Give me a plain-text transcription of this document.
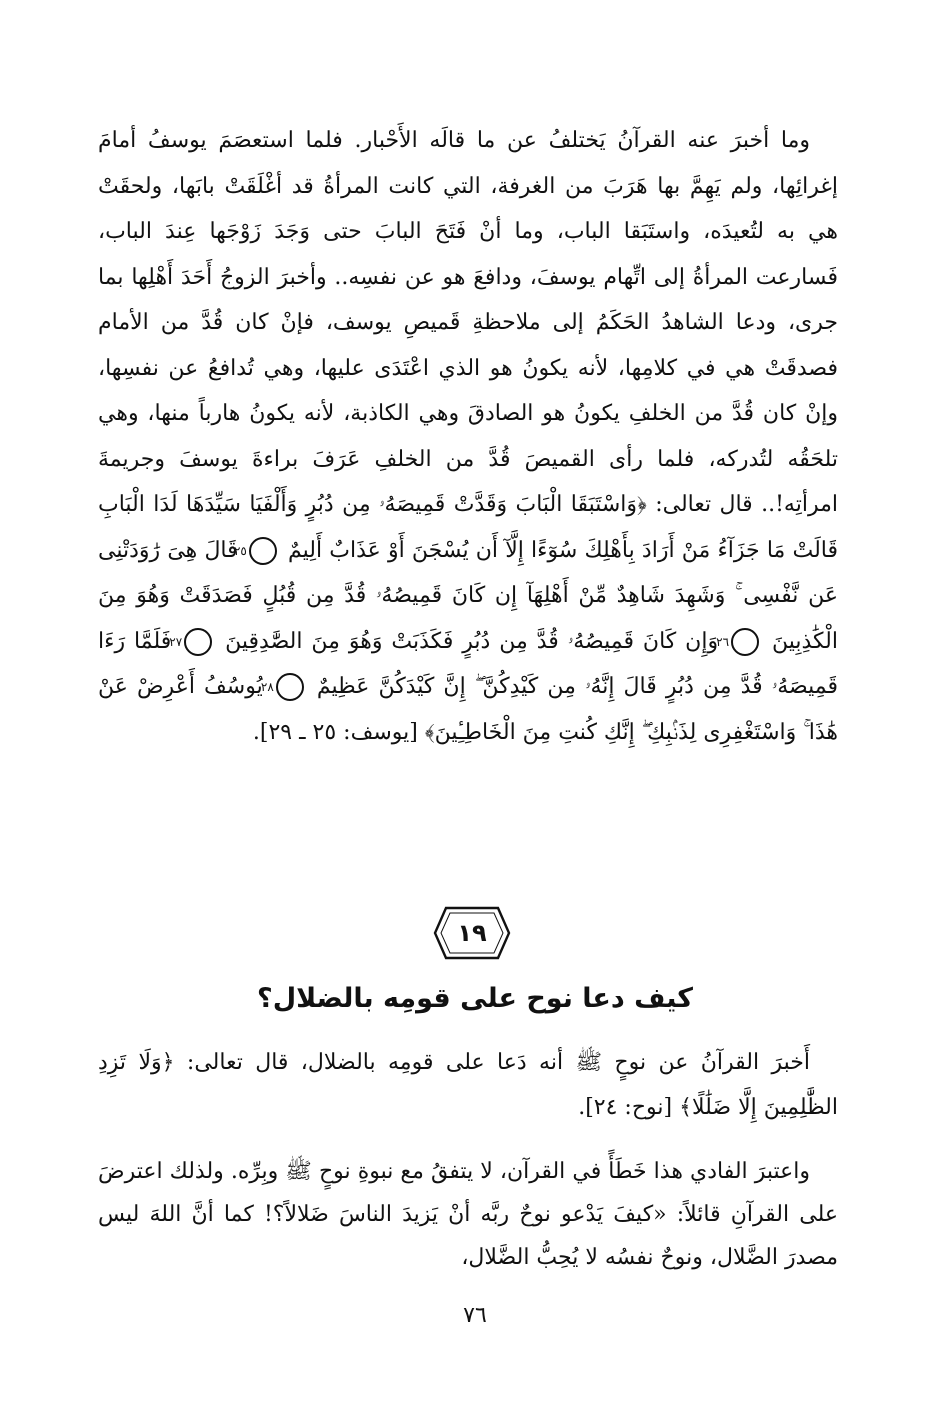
وما أخبرَ عنه القرآنُ يَختلفُ عن ما قالَه الأَحْبار. فلما استعصَمَ يوسفُ أمامَ إغرائِها، ولم يَهِمَّ بها هَرَبَ من الغرفة، التي كانت المرأةُ قد أغْلَقَتْ بابَها، ولحقَتْ هي به لتُعيدَه، واستَبَقا الباب، وما أنْ فَتَحَ البابَ حتى وَجَدَ زَوْجَها عِندَ الباب، فَسارعت المرأةُ إلى اتِّهام يوسفَ، ودافعَ هو عن نفسِه.. وأخبرَ الزوجُ أَحَدَ أَهْلِها بما جرى، ودعا الشاهدُ الحَكَمُ إلى ملاحظةِ قَميصِ يوسف، فإنْ كان قُدَّ من الأمام فصدقَتْ هي في كلامِها، لأنه يكونُ هو الذي اعْتَدَى عليها، وهي تُدافعُ عن نفسِها، وإنْ كان قُدَّ من الخلفِ يكونُ هو الصادقَ وهي الكاذبة، لأنه يكونُ هارباً منها، وهي تلحَقُه لتُدركه، فلما رأى القميصَ قُدَّ من الخلفِ عَرَفَ براءةَ يوسفَ وجريمةَ امرأتِه!.. قال تعالى: ﴿وَاسْتَبَقَا الْبَابَ وَقَدَّتْ قَمِيصَهُۥ مِن دُبُرٍ وَأَلْفَيَا سَيِّدَهَا لَدَا الْبَابِ قَالَتْ مَا جَزَآءُ مَنْ أَرَادَ بِأَهْلِكَ سُوٓءًا إِلَّآ أَن يُسْجَنَ أَوْ عَذَابٌ أَلِيمٌ ٢٥ قَالَ هِىَ رَٰوَدَتْنِى عَن نَّفْسِى ۚ وَشَهِدَ شَاهِدٌ مِّنْ أَهْلِهَآ إِن كَانَ قَمِيصُهُۥ قُدَّ مِن قُبُلٍ فَصَدَقَتْ وَهُوَ مِنَ الْكَٰذِبِينَ ٢٦ وَإِن كَانَ قَمِيصُهُۥ قُدَّ مِن دُبُرٍ فَكَذَبَتْ وَهُوَ مِنَ الصَّٰدِقِينَ ٢٧ فَلَمَّا رَءَا قَمِيصَهُۥ قُدَّ مِن دُبُرٍ قَالَ إِنَّهُۥ مِن كَيْدِكُنَّ ۖ إِنَّ كَيْدَكُنَّ عَظِيمٌ ٢٨ يُوسُفُ أَعْرِضْ عَنْ هَٰذَا ۚ وَاسْتَغْفِرِى لِذَنۢبِكِ ۖ إِنَّكِ كُنتِ مِنَ الْخَاطِـِٔينَ﴾ [يوسف: ٢٥ ـ ٢٩].

١٩
كيف دعا نوح على قومِه بالضلال؟

أَخبرَ القرآنُ عن نوحٍ ﷺ أنه دَعا على قومِه بالضلال، قال تعالى: ﴿وَلَا تَزِدِ الظَّٰلِمِينَ إِلَّا ضَلَٰلًا﴾ [نوح: ٢٤].

واعتبرَ الفادي هذا خَطَأً في القرآن، لا يتفقُ مع نبوةِ نوحٍ ﷺ وبِرِّه. ولذلك اعترضَ على القرآنِ قائلاً: «كيفَ يَدْعو نوحٌ ربَّه أنْ يَزيدَ الناسَ ضَلالاً؟! كما أنَّ اللهَ ليس مصدرَ الضَّلال، ونوحٌ نفسُه لا يُحِبُّ الضَّلال،

٧٦
